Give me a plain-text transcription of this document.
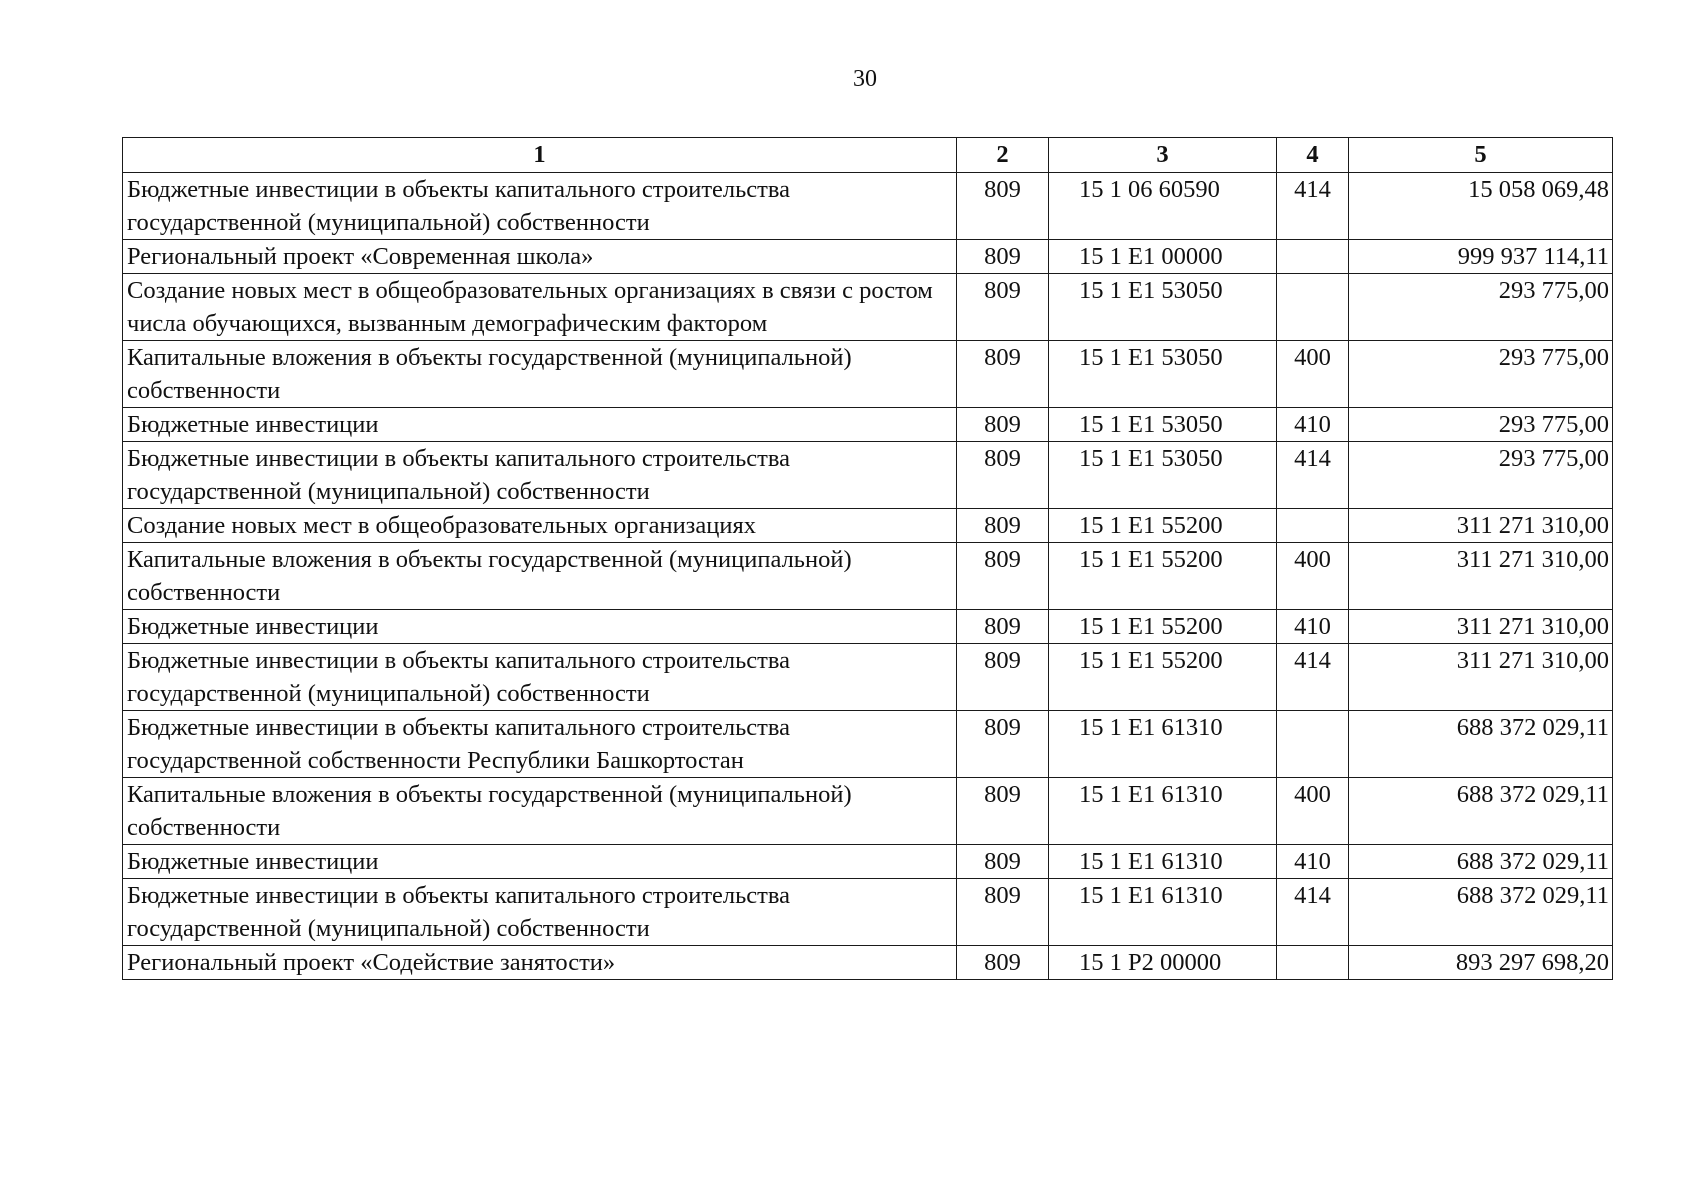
30
1	2	3	4	5
Бюджетные инвестиции в объекты капитального строительства государственной (муниципальной) собственности	809	15 1 06 60590	414	15 058 069,48
Региональный проект «Современная школа»	809	15 1 Е1 00000		999 937 114,11
Создание новых мест в общеобразовательных организациях в связи с ростом числа обучающихся, вызванным демографическим фактором	809	15 1 Е1 53050		293 775,00
Капитальные вложения в объекты государственной (муниципальной) собственности	809	15 1 Е1 53050	400	293 775,00
Бюджетные инвестиции	809	15 1 Е1 53050	410	293 775,00
Бюджетные инвестиции в объекты капитального строительства государственной (муниципальной) собственности	809	15 1 Е1 53050	414	293 775,00
Создание новых мест в общеобразовательных организациях	809	15 1 Е1 55200		311 271 310,00
Капитальные вложения в объекты государственной (муниципальной) собственности	809	15 1 Е1 55200	400	311 271 310,00
Бюджетные инвестиции	809	15 1 Е1 55200	410	311 271 310,00
Бюджетные инвестиции в объекты капитального строительства государственной (муниципальной) собственности	809	15 1 Е1 55200	414	311 271 310,00
Бюджетные инвестиции в объекты капитального строительства государственной собственности Республики Башкортостан	809	15 1 Е1 61310		688 372 029,11
Капитальные вложения в объекты государственной (муниципальной) собственности	809	15 1 Е1 61310	400	688 372 029,11
Бюджетные инвестиции	809	15 1 Е1 61310	410	688 372 029,11
Бюджетные инвестиции в объекты капитального строительства государственной (муниципальной) собственности	809	15 1 Е1 61310	414	688 372 029,11
Региональный проект «Содействие занятости»	809	15 1 Р2 00000		893 297 698,20
